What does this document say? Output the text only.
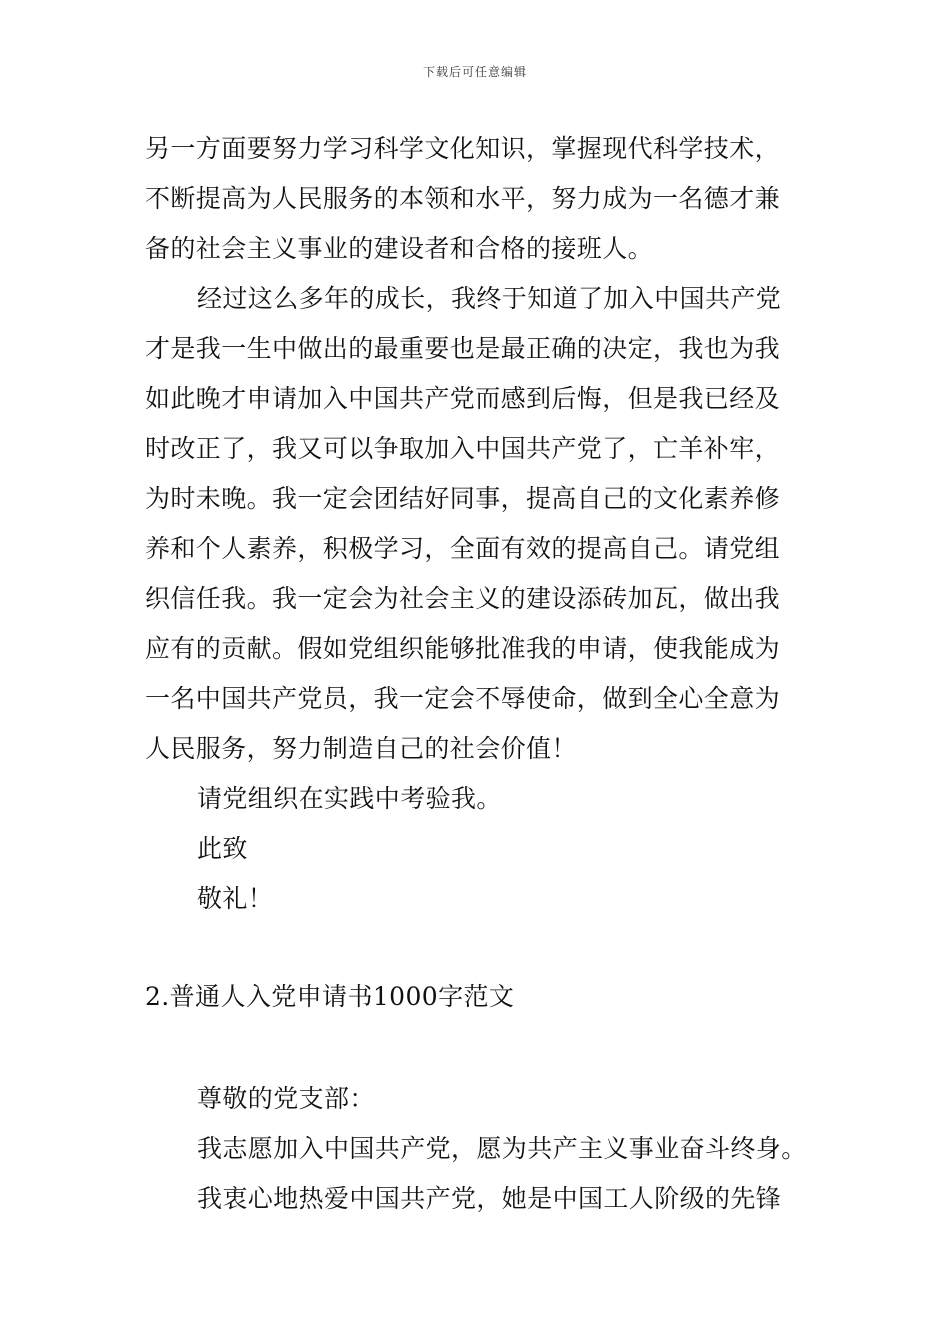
下载后可任意编辑
另一方面要努力学习科学文化知识，掌握现代科学技术，
不断提高为人民服务的本领和水平，努力成为一名德才兼
备的社会主义事业的建设者和合格的接班人。
经过这么多年的成长，我终于知道了加入中国共产党
才是我一生中做出的最重要也是最正确的决定，我也为我
如此晚才申请加入中国共产党而感到后悔，但是我已经及
时改正了，我又可以争取加入中国共产党了，亡羊补牢，
为时未晚。我一定会团结好同事，提高自己的文化素养修
养和个人素养，积极学习，全面有效的提高自己。请党组
织信任我。我一定会为社会主义的建设添砖加瓦，做出我
应有的贡献。假如党组织能够批准我的申请，使我能成为
一名中国共产党员，我一定会不辱使命，做到全心全意为
人民服务，努力制造自己的社会价值！
请党组织在实践中考验我。
此致
敬礼！
2.普通人入党申请书1000字范文
尊敬的党支部：
我志愿加入中国共产党，愿为共产主义事业奋斗终身。
我衷心地热爱中国共产党，她是中国工人阶级的先锋
